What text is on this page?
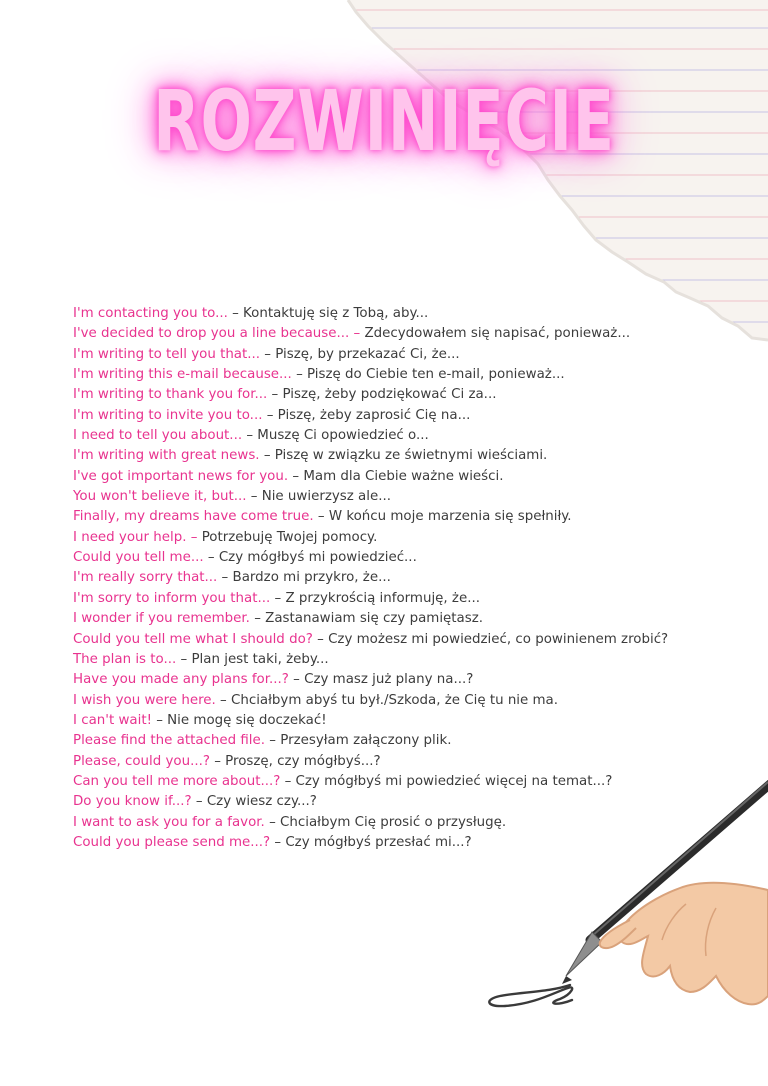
ROZWINIĘCIE
I'm contacting you to... – Kontaktuję się z Tobą, aby...
I've decided to drop you a line because... – Zdecydowałem się napisać, ponieważ...
I'm writing to tell you that... – Piszę, by przekazać Ci, że...
I'm writing this e-mail because... – Piszę do Ciebie ten e-mail, ponieważ...
I'm writing to thank you for... – Piszę, żeby podziękować Ci za...
I'm writing to invite you to... – Piszę, żeby zaprosić Cię na...
I need to tell you about... – Muszę Ci opowiedzieć o...
I'm writing with great news. – Piszę w związku ze świetnymi wieściami.
I've got important news for you. – Mam dla Ciebie ważne wieści.
You won't believe it, but... – Nie uwierzysz ale...
Finally, my dreams have come true. – W końcu moje marzenia się spełniły.
I need your help. – Potrzebuję Twojej pomocy.
Could you tell me... – Czy mógłbyś mi powiedzieć...
I'm really sorry that... – Bardzo mi przykro, że...
I'm sorry to inform you that... – Z przykrością informuję, że...
I wonder if you remember. – Zastanawiam się czy pamiętasz.
Could you tell me what I should do? – Czy możesz mi powiedzieć, co powinienem zrobić?
The plan is to... – Plan jest taki, żeby...
Have you made any plans for...? – Czy masz już plany na...?
I wish you were here. – Chciałbym abyś tu był./Szkoda, że Cię tu nie ma.
I can't wait! – Nie mogę się doczekać!
Please find the attached file. – Przesyłam załączony plik.
Please, could you...? – Proszę, czy mógłbyś...?
Can you tell me more about...? – Czy mógłbyś mi powiedzieć więcej na temat...?
Do you know if...? – Czy wiesz czy...?
I want to ask you for a favor. – Chciałbym Cię prosić o przysługę.
Could you please send me...? – Czy mógłbyś przesłać mi...?
